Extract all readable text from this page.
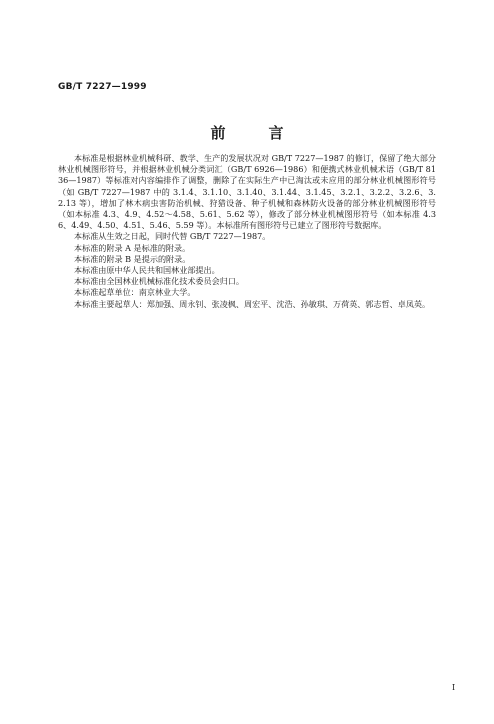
GB/T 7227—1999
前　言

本标准是根据林业机械科研、教学、生产的发展状况对 GB/T 7227—1987 的修订，保留了绝大部分林业机械图形符号，并根据林业机械分类词汇（GB/T 6926—1986）和便携式林业机械术语（GB/T 8136—1987）等标准对内容编排作了调整，删除了在实际生产中已淘汰或未应用的部分林业机械图形符号（如 GB/T 7227—1987 中的 3.1.4、3.1.10、3.1.40、3.1.44、3.1.45、3.2.1、3.2.2、3.2.6、3.2.13 等），增加了林木病虫害防治机械、狩猎设备、种子机械和森林防火设备的部分林业机械图形符号（如本标准 4.3、4.9、4.52～4.58、5.61、5.62 等），修改了部分林业机械图形符号（如本标准 4.36、4.49、4.50、4.51、5.46、5.59 等）。本标准所有图形符号已建立了图形符号数据库。

本标准从生效之日起，同时代替 GB/T 7227—1987。

本标准的附录 A 是标准的附录。

本标准的附录 B 是提示的附录。

本标准由原中华人民共和国林业部提出。

本标准由全国林业机械标准化技术委员会归口。

本标准起草单位：南京林业大学。

本标准主要起草人：郑加强、周永钊、张凌枫、周宏平、沈浩、孙敏琪、万荷英、郭志哲、卓凤英。

I
